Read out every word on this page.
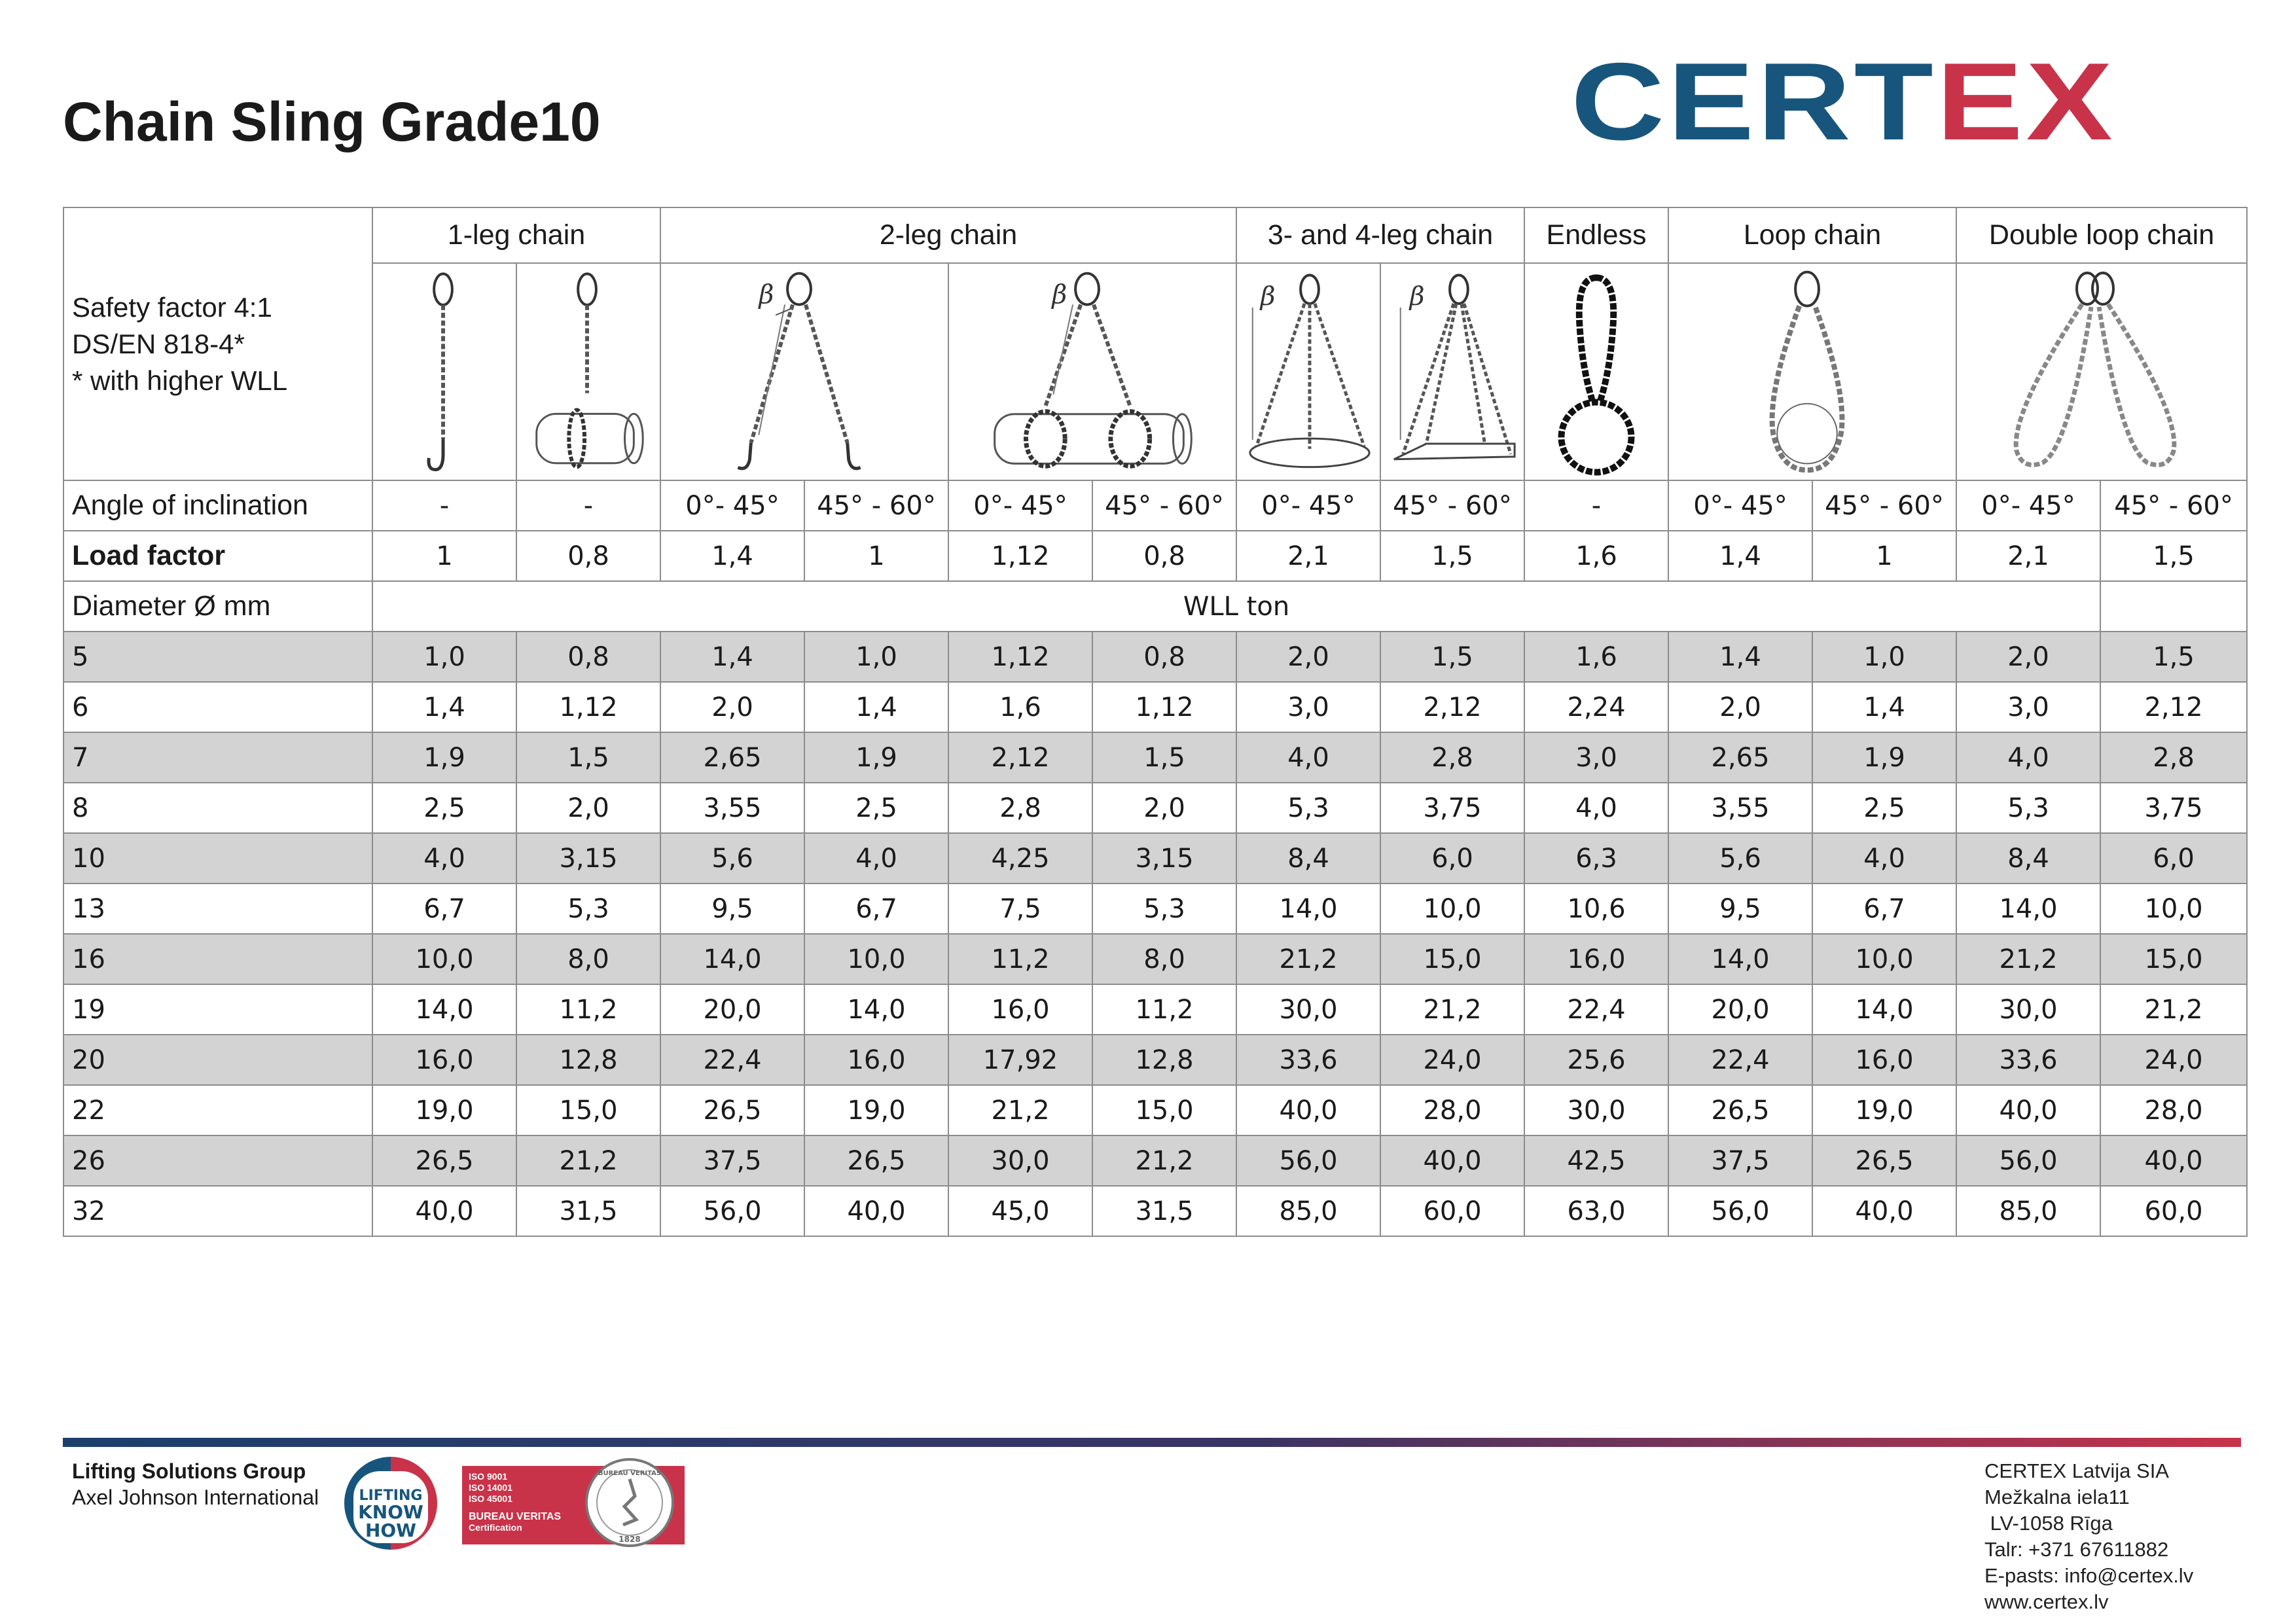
Chain Sling Grade10	CERTEX
Safety factor 4:1
DS/EN 818-4*
* with higher WLL	1-leg chain		2-leg chain				3- and 4-leg chain		Endless	Loop chain		Double loop chain	

β		β		β	β

Angle of inclination	-	-	0°- 45°	45° - 60°	0°- 45°	45° - 60°	0°- 45°	45° - 60°	-	0°- 45°	45° - 60°	0°- 45°	45° - 60°
Load factor	1	0,8	1,4	1	1,12	0,8	2,1	1,5	1,6	1,4	1	2,1	1,5
Diameter Ø mm	WLL ton												
5	1,0	0,8	1,4	1,0	1,12	0,8	2,0	1,5	1,6	1,4	1,0	2,0	1,5
6	1,4	1,12	2,0	1,4	1,6	1,12	3,0	2,12	2,24	2,0	1,4	3,0	2,12
7	1,9	1,5	2,65	1,9	2,12	1,5	4,0	2,8	3,0	2,65	1,9	4,0	2,8
8	2,5	2,0	3,55	2,5	2,8	2,0	5,3	3,75	4,0	3,55	2,5	5,3	3,75
10	4,0	3,15	5,6	4,0	4,25	3,15	8,4	6,0	6,3	5,6	4,0	8,4	6,0
13	6,7	5,3	9,5	6,7	7,5	5,3	14,0	10,0	10,6	9,5	6,7	14,0	10,0
16	10,0	8,0	14,0	10,0	11,2	8,0	21,2	15,0	16,0	14,0	10,0	21,2	15,0
19	14,0	11,2	20,0	14,0	16,0	11,2	30,0	21,2	22,4	20,0	14,0	30,0	21,2
20	16,0	12,8	22,4	16,0	17,92	12,8	33,6	24,0	25,6	22,4	16,0	33,6	24,0
22	19,0	15,0	26,5	19,0	21,2	15,0	40,0	28,0	30,0	26,5	19,0	40,0	28,0
26	26,5	21,2	37,5	26,5	30,0	21,2	56,0	40,0	42,5	37,5	26,5	56,0	40,0
32	40,0	31,5	56,0	40,0	45,0	31,5	85,0	60,0	63,0	56,0	40,0	85,0	60,0
Lifting Solutions Group
Axel Johnson International	LIFTING
KNOW
HOW
ISO 9001
ISO 14001
ISO 45001
BUREAU VERITAS
Certification
BUREAU VERITAS
1828
CERTEX Latvija SIA
Mežkalna iela11
LV-1058 Rīga
Talr: +371 67611882
E-pasts: info@certex.lv
www.certex.lv
